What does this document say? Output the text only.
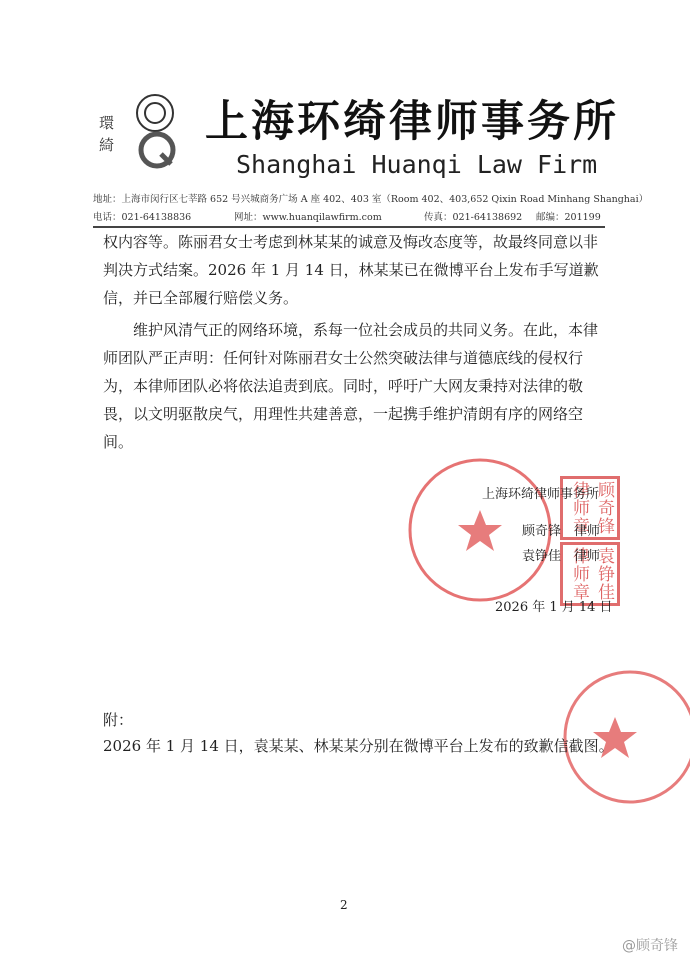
環
綺 上海环绮律师事务所
Shanghai Huanqi Law Firm
地址：上海市闵行区七莘路 652 号兴城商务广场 A 座 402、403 室（Room 402、403,652 Qixin Road Minhang Shanghai）
电话：021-64138836	网址：www.huanqilawfirm.com	传真：021-64138692 邮编：201199
权内容等。陈丽君女士考虑到林某某的诚意及悔改态度等，故最终同意以非判决方式结案。2026 年 1 月 14 日，林某某已在微博平台上发布手写道歉信，并已全部履行赔偿义务。
维护风清气正的网络环境，系每一位社会成员的共同义务。在此，本律师团队严正声明：任何针对陈丽君女士公然突破法律与道德底线的侵权行为，本律师团队必将依法追责到底。同时，呼吁广大网友秉持对法律的敬畏，以文明驱散戾气，用理性共建善意，一起携手维护清朗有序的网络空间。
顾奇锋律师章
袁铮佳律师章
上海环绮律师事务所
顾奇锋　律师
袁铮佳　律师
2026 年 1 月 14 日
附：
2026 年 1 月 14 日，袁某某、林某某分别在微博平台上发布的致歉信截图。
2
@顾奇锋
